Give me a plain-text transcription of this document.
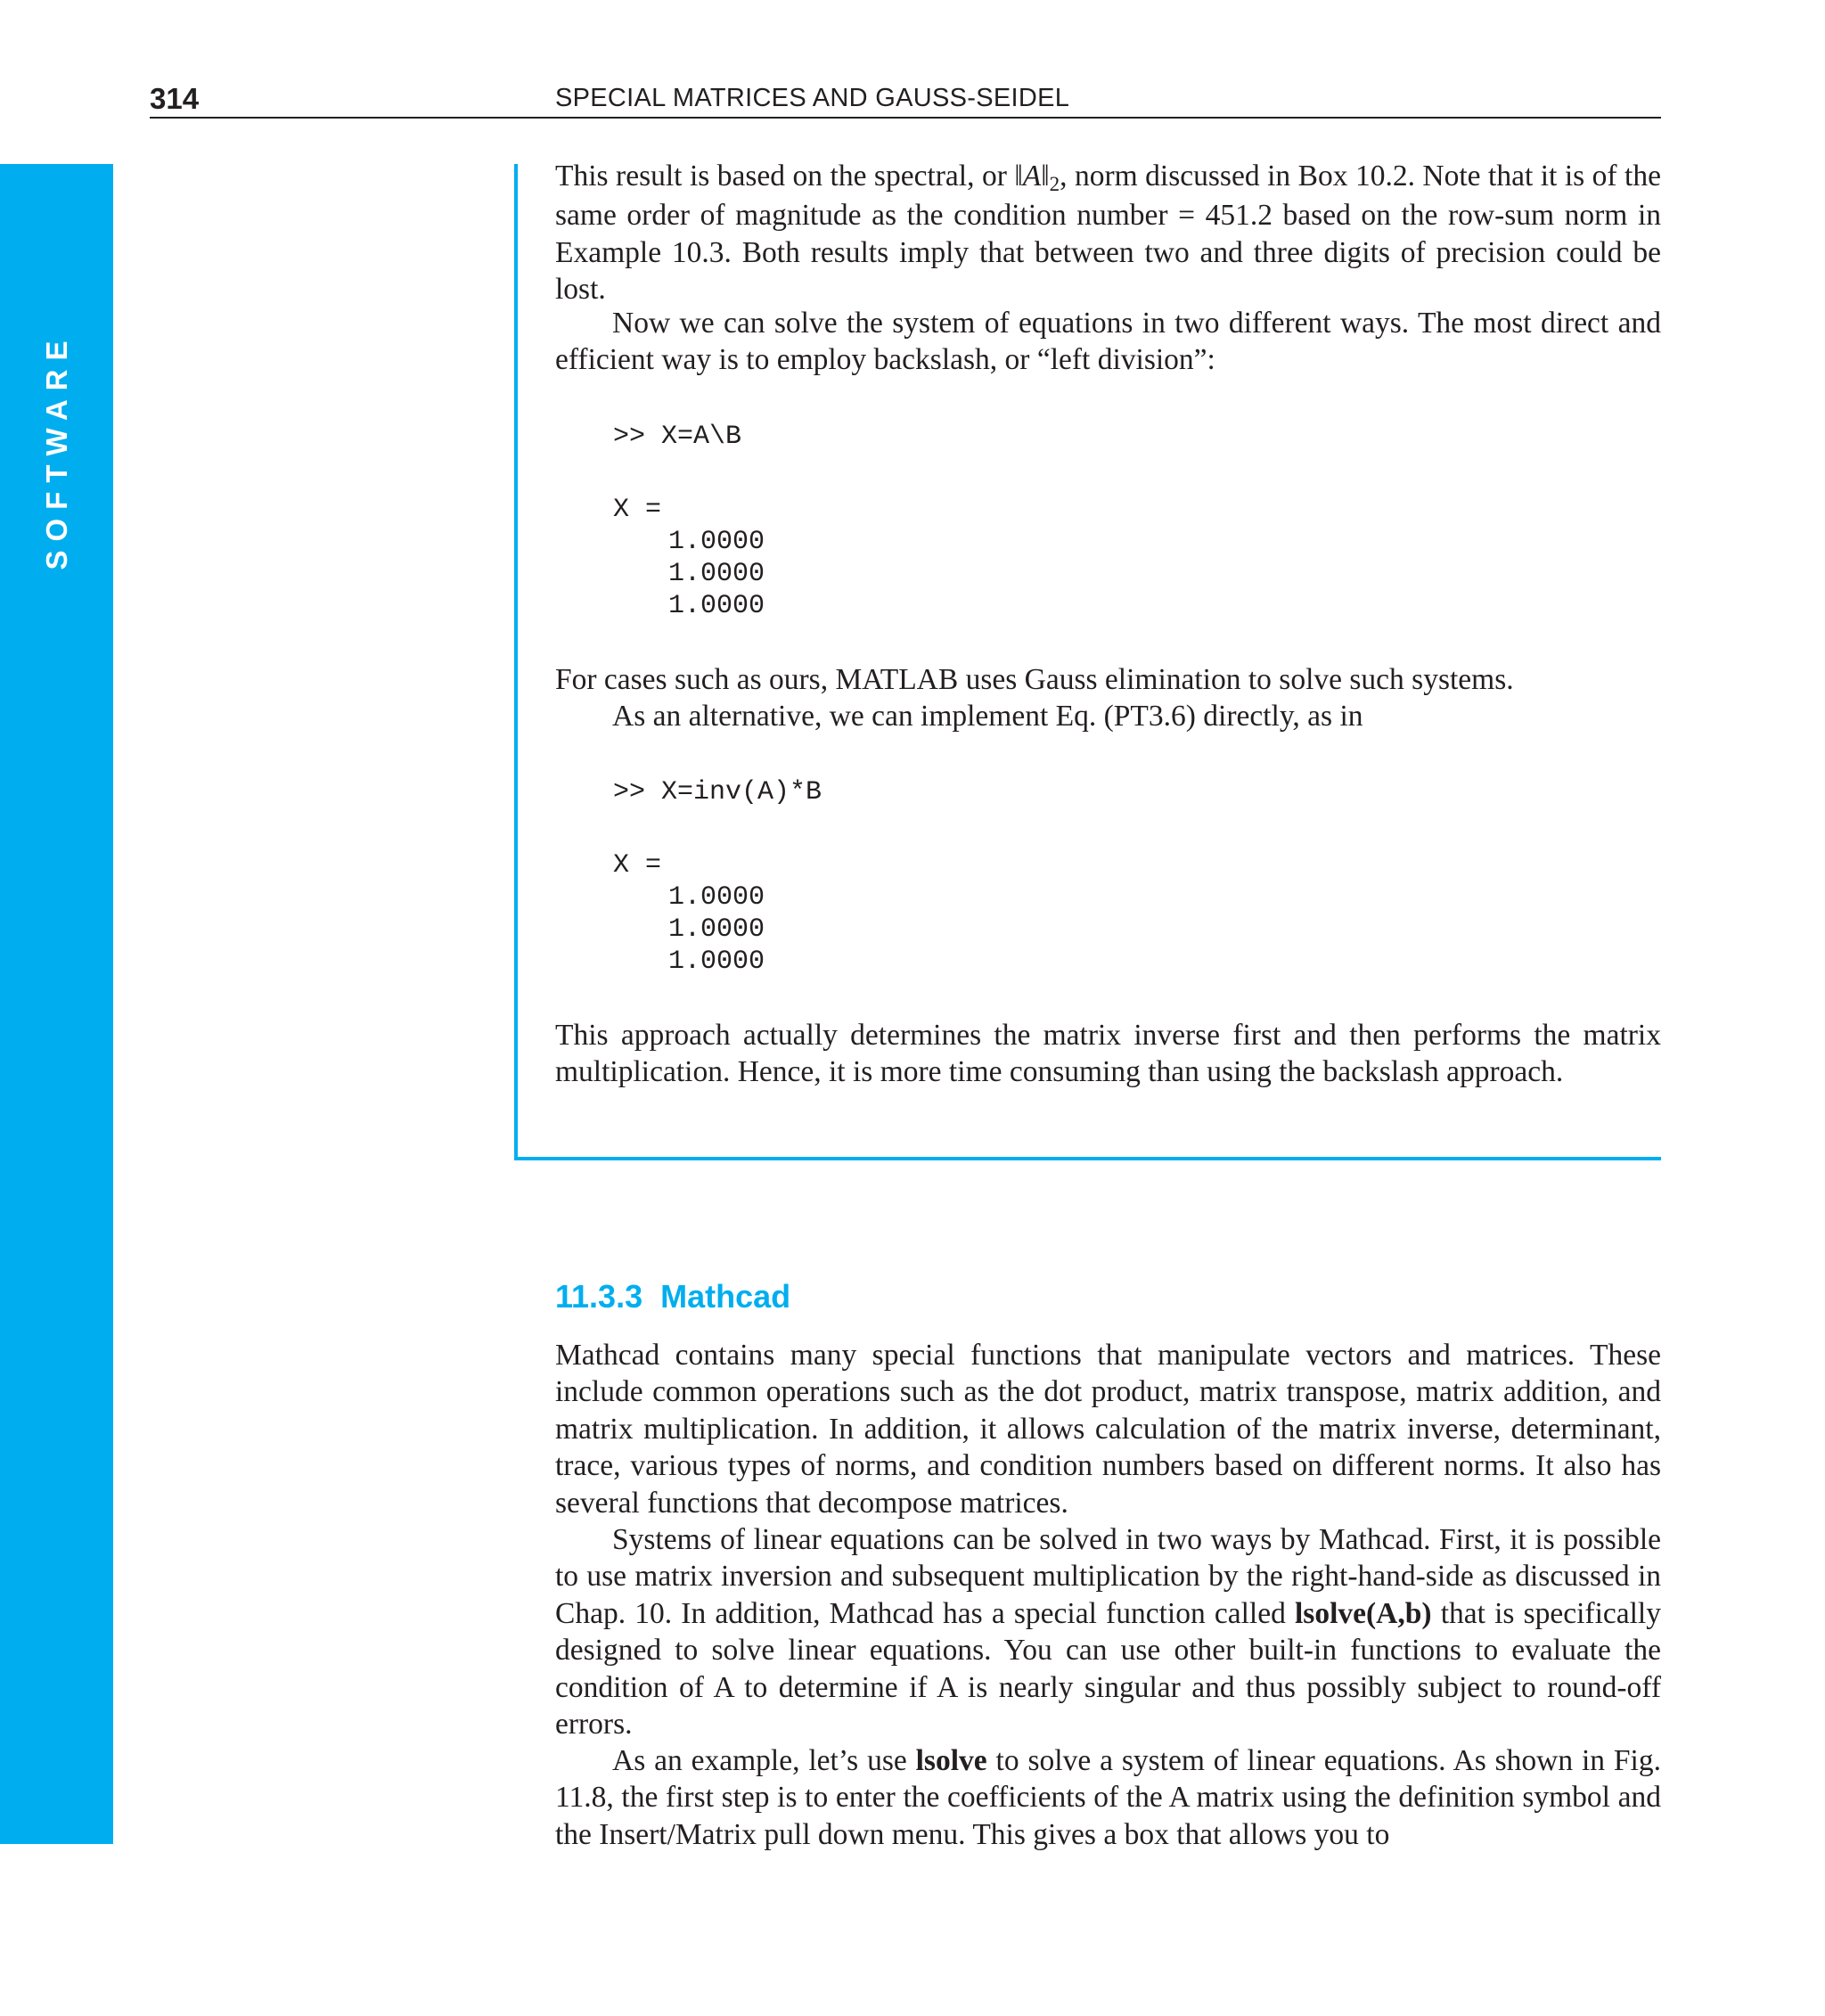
SOFTWARE
314	SPECIAL MATRICES AND GAUSS-SEIDEL

This result is based on the spectral, or ‖A‖2, norm discussed in Box 10.2. Note that it is of the same order of magnitude as the condition number = 451.2 based on the row-sum norm in Example 10.3. Both results imply that between two and three digits of precision could be lost.

Now we can solve the system of equations in two different ways. The most direct and efficient way is to employ backslash, or “left division”:

>> X=A\B
X =
1.0000
1.0000
1.0000

For cases such as ours, MATLAB uses Gauss elimination to solve such systems.

As an alternative, we can implement Eq. (PT3.6) directly, as in

>> X=inv(A)*B
X =
1.0000
1.0000
1.0000

This approach actually determines the matrix inverse first and then performs the matrix multiplication. Hence, it is more time consuming than using the backslash approach.

11.3.3 Mathcad

Mathcad contains many special functions that manipulate vectors and matrices. These include common operations such as the dot product, matrix transpose, matrix addition, and matrix multiplication. In addition, it allows calculation of the matrix inverse, determinant, trace, various types of norms, and condition numbers based on different norms. It also has several functions that decompose matrices.

Systems of linear equations can be solved in two ways by Mathcad. First, it is possible to use matrix inversion and subsequent multiplication by the right-hand-side as discussed in Chap. 10. In addition, Mathcad has a special function called lsolve(A,b) that is specifically designed to solve linear equations. You can use other built-in functions to evaluate the condition of A to determine if A is nearly singular and thus possibly subject to round-off errors.

As an example, let’s use lsolve to solve a system of linear equations. As shown in Fig. 11.8, the first step is to enter the coefficients of the A matrix using the definition symbol and the Insert/Matrix pull down menu. This gives a box that allows you to
